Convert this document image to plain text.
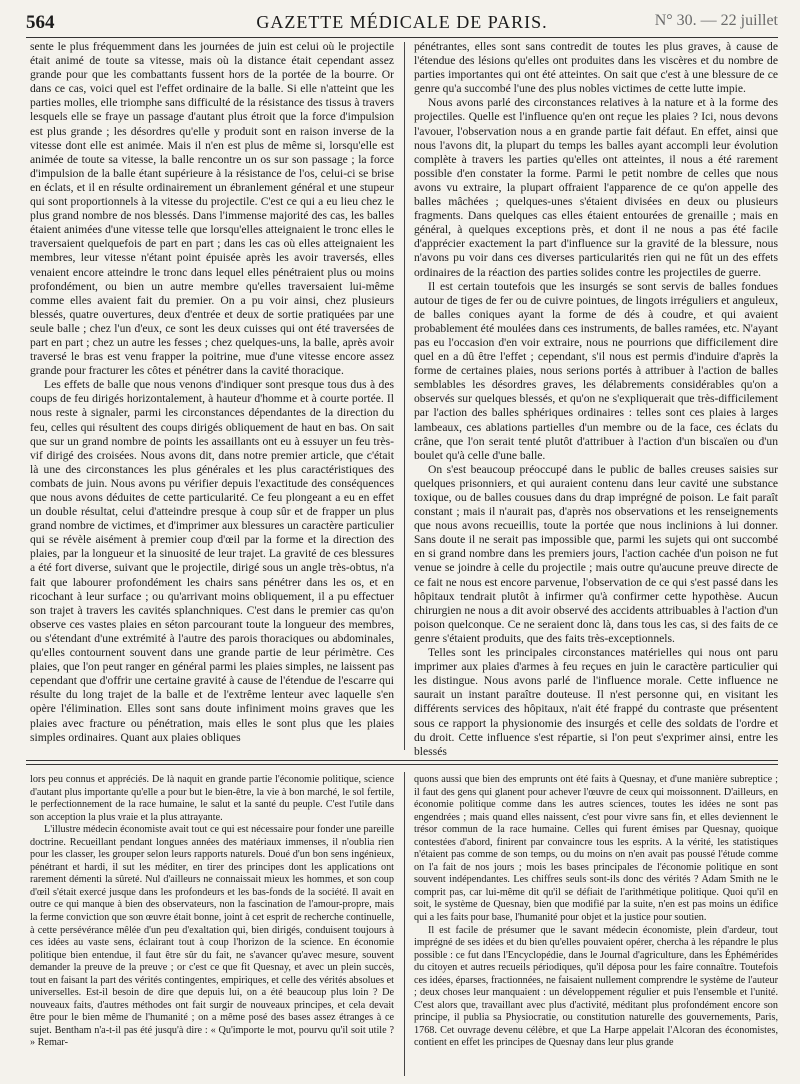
564	GAZETTE MÉDICALE DE PARIS.	N° 30. — 22 juillet

sente le plus fréquemment dans les journées de juin est celui où le projectile était animé de toute sa vitesse, mais où la distance était cependant assez grande pour que les combattants fussent hors de la portée de la bourre. Or dans ce cas, voici quel est l'effet ordinaire de la balle. Si elle n'atteint que les parties molles, elle triomphe sans difficulté de la résistance des tissus à travers lesquels elle se fraye un passage d'autant plus étroit que la force d'impulsion est plus grande ; les désordres qu'elle y produit sont en raison inverse de la vitesse dont elle est animée. Mais il n'en est plus de même si, lorsqu'elle est animée de toute sa vitesse, la balle rencontre un os sur son passage ; la force d'impulsion de la balle étant supérieure à la résistance de l'os, celui-ci se brise en éclats, et il en résulte ordinairement un ébranlement général et une stupeur qui sont proportionnels à la vitesse du projectile. C'est ce qui a eu lieu chez le plus grand nombre de nos blessés. Dans l'immense majorité des cas, les balles étaient animées d'une vitesse telle que lorsqu'elles atteignaient le tronc elles le traversaient quelquefois de part en part ; dans les cas où elles atteignaient les membres, leur vitesse n'étant point épuisée après les avoir traversés, elles venaient encore atteindre le tronc dans lequel elles pénétraient plus ou moins profondément, ou bien un autre membre qu'elles traversaient lui-même comme elles avaient fait du premier. On a pu voir ainsi, chez plusieurs blessés, quatre ouvertures, deux d'entrée et deux de sortie pratiquées par une seule balle ; chez l'un d'eux, ce sont les deux cuisses qui ont été traversées de part en part ; chez un autre les fesses ; chez quelques-uns, la balle, après avoir traversé le bras est venu frapper la poitrine, mue d'une vitesse encore assez grande pour fracturer les côtes et pénétrer dans la cavité thoracique.

Les effets de balle que nous venons d'indiquer sont presque tous dus à des coups de feu dirigés horizontalement, à hauteur d'homme et à courte portée. Il nous reste à signaler, parmi les circonstances dépendantes de la direction du feu, celles qui résultent des coups dirigés obliquement de haut en bas. On sait que sur un grand nombre de points les assaillants ont eu à essuyer un feu très-vif dirigé des croisées. Nous avons dit, dans notre premier article, que c'était là une des circonstances les plus générales et les plus caractéristiques des combats de juin. Nous avons pu vérifier depuis l'exactitude des conséquences que nous avons déduites de cette particularité. Ce feu plongeant a eu en effet un double résultat, celui d'atteindre presque à coup sûr et de frapper un plus grand nombre de victimes, et d'imprimer aux blessures un caractère particulier qui se révèle aisément à premier coup d'œil par la forme et la direction des plaies, par la longueur et la sinuosité de leur trajet. La gravité de ces blessures a été fort diverse, suivant que le projectile, dirigé sous un angle très-obtus, n'a fait que labourer profondément les chairs sans pénétrer dans les os, et en ricochant à leur surface ; ou qu'arrivant moins obliquement, il a pu effectuer son trajet à travers les cavités splanchniques. C'est dans le premier cas qu'on observe ces vastes plaies en séton parcourant toute la longueur des membres, ou s'étendant d'une extrémité à l'autre des parois thoraciques ou abdominales, qu'elles contournent souvent dans une grande partie de leur périmètre. Ces plaies, que l'on peut ranger en général parmi les plaies simples, ne laissent pas cependant que d'offrir une certaine gravité à cause de l'étendue de l'escarre qui résulte du long trajet de la balle et de l'extrême lenteur avec laquelle s'en opère l'élimination. Elles sont sans doute infiniment moins graves que les plaies avec fracture ou pénétration, mais elles le sont plus que les plaies simples ordinaires. Quant aux plaies obliques

pénétrantes, elles sont sans contredit de toutes les plus graves, à cause de l'étendue des lésions qu'elles ont produites dans les viscères et du nombre de parties importantes qui ont été atteintes. On sait que c'est à une blessure de ce genre qu'a succombé l'une des plus nobles victimes de cette lutte impie.

Nous avons parlé des circonstances relatives à la nature et à la forme des projectiles. Quelle est l'influence qu'en ont reçue les plaies ? Ici, nous devons l'avouer, l'observation nous a en grande partie fait défaut. En effet, ainsi que nous l'avons dit, la plupart du temps les balles ayant accompli leur évolution complète à travers les parties qu'elles ont atteintes, il nous a été rarement possible d'en constater la forme. Parmi le petit nombre de celles que nous avons vu extraire, la plupart offraient l'apparence de ce qu'on appelle des balles mâchées ; quelques-unes s'étaient divisées en deux ou plusieurs fragments. Dans quelques cas elles étaient entourées de grenaille ; mais en général, à quelques exceptions près, et dont il ne nous a pas été facile d'apprécier exactement la part d'influence sur la gravité de la blessure, nous n'avons pu voir dans ces diverses particularités rien qui ne fût un des effets ordinaires de la réaction des parties solides contre les projectiles de guerre.

Il est certain toutefois que les insurgés se sont servis de balles fondues autour de tiges de fer ou de cuivre pointues, de lingots irréguliers et anguleux, de balles coniques ayant la forme de dés à coudre, et qui avaient probablement été moulées dans ces instruments, de balles ramées, etc. N'ayant pas eu l'occasion d'en voir extraire, nous ne pourrions que difficilement dire quel en a dû être l'effet ; cependant, s'il nous est permis d'induire d'après la forme de certaines plaies, nous serions portés à attribuer à l'action de balles semblables les désordres graves, les délabrements considérables qu'on a observés sur quelques blessés, et qu'on ne s'expliquerait que très-difficilement par l'action des balles sphériques ordinaires : telles sont ces plaies à larges lambeaux, ces ablations partielles d'un membre ou de la face, ces éclats du crâne, que l'on serait tenté plutôt d'attribuer à l'action d'un biscaïen ou d'un boulet qu'à celle d'une balle.

On s'est beaucoup préoccupé dans le public de balles creuses saisies sur quelques prisonniers, et qui auraient contenu dans leur cavité une substance toxique, ou de balles cousues dans du drap imprégné de poison. Le fait paraît constant ; mais il n'aurait pas, d'après nos observations et les renseignements que nous avons recueillis, toute la portée que nous inclinions à lui donner. Sans doute il ne serait pas impossible que, parmi les sujets qui ont succombé en si grand nombre dans les premiers jours, l'action cachée d'un poison ne fut venue se joindre à celle du projectile ; mais outre qu'aucune preuve directe de ce fait ne nous est encore parvenue, l'observation de ce qui s'est passé dans les hôpitaux tendrait plutôt à infirmer qu'à confirmer cette hypothèse. Aucun chirurgien ne nous a dit avoir observé des accidents attribuables à l'action d'un poison quelconque. Ce ne seraient donc là, dans tous les cas, si des faits de ce genre s'étaient produits, que des faits très-exceptionnels.

Telles sont les principales circonstances matérielles qui nous ont paru imprimer aux plaies d'armes à feu reçues en juin le caractère particulier qui les distingue. Nous avons parlé de l'influence morale. Cette influence ne saurait un instant paraître douteuse. Il n'est personne qui, en visitant les différents services des hôpitaux, n'ait été frappé du contraste que présentent sous ce rapport la physionomie des insurgés et celle des soldats de l'ordre et du droit. Cette influence s'est répartie, si l'on peut s'exprimer ainsi, entre les blessés

lors peu connus et appréciés. De là naquit en grande partie l'économie politique, science d'autant plus importante qu'elle a pour but le bien-être, la vie à bon marché, le sol fertile, le perfectionnement de la race humaine, le salut et la santé du peuple. C'est l'utile dans son acception la plus vraie et la plus attrayante.

L'illustre médecin économiste avait tout ce qui est nécessaire pour fonder une pareille doctrine. Recueillant pendant longues années des matériaux immenses, il n'oublia rien pour les classer, les grouper selon leurs rapports naturels. Doué d'un bon sens ingénieux, pénétrant et hardi, il sut les méditer, en tirer des principes dont les applications ont rarement démenti la sûreté. Nul d'ailleurs ne connaissait mieux les hommes, et son coup d'œil s'était exercé jusque dans les profondeurs et les bas-fonds de la société. Il avait en outre ce qui manque à bien des observateurs, non la fascination de l'amour-propre, mais la ferme conviction que son œuvre était bonne, joint à cet esprit de recherche continuelle, à cette persévérance mêlée d'un peu d'exaltation qui, bien dirigés, conduisent toujours à ces idées au vaste sens, éclairant tout à coup l'horizon de la science. En économie politique bien entendue, il faut être sûr du fait, ne s'avancer qu'avec mesure, souvent demander la preuve de la preuve ; or c'est ce que fit Quesnay, et avec un plein succès, tout en faisant la part des vérités contingentes, empiriques, et celle des vérités absolues et universelles. Est-il besoin de dire que depuis lui, on a été beaucoup plus loin ? De nouveaux faits, d'autres méthodes ont fait surgir de nouveaux principes, et cela devait être pour le bien même de l'humanité ; on a même posé des bases assez étranges à ce sujet. Bentham n'a-t-il pas été jusqu'à dire : « Qu'importe le mot, pourvu qu'il soit utile ? » Remar-

quons aussi que bien des emprunts ont été faits à Quesnay, et d'une manière subreptice ; il faut des gens qui glanent pour achever l'œuvre de ceux qui moissonnent. D'ailleurs, en économie politique comme dans les autres sciences, toutes les idées ne sont pas engendrées ; mais quand elles naissent, c'est pour vivre sans fin, et elles deviennent le trésor commun de la race humaine. Celles qui furent émises par Quesnay, quoique contestées d'abord, finirent par convaincre tous les esprits. A la vérité, les statistiques n'étaient pas comme de son temps, ou du moins on n'en avait pas poussé l'étude comme on l'a fait de nos jours ; mois les bases principales de l'économie politique en sont souvent indépendantes. Les chiffres seuls sont-ils donc des vérités ? Adam Smith ne le comprit pas, car lui-même dit qu'il se défiait de l'arithmétique politique. Quoi qu'il en soit, le système de Quesnay, bien que modifié par la suite, n'en est pas moins un édifice qui a les faits pour base, l'humanité pour objet et la justice pour soutien.

Il est facile de présumer que le savant médecin économiste, plein d'ardeur, tout imprégné de ses idées et du bien qu'elles pouvaient opérer, chercha à les répandre le plus possible : ce fut dans l'Encyclopédie, dans le Journal d'agriculture, dans les Éphémérides du citoyen et autres recueils périodiques, qu'il déposa pour les faire connaître. Toutefois ces idées, éparses, fractionnées, ne faisaient nullement comprendre le système de l'auteur ; deux choses leur manquaient : un développement régulier et puis l'ensemble et l'unité. C'est alors que, travaillant avec plus d'activité, méditant plus profondément encore son principe, il publia sa Physiocratie, ou constitution naturelle des gouvernements, Paris, 1768. Cet ouvrage devenu célèbre, et que La Harpe appelait l'Alcoran des économistes, contient en effet les principes de Quesnay dans leur plus grande
